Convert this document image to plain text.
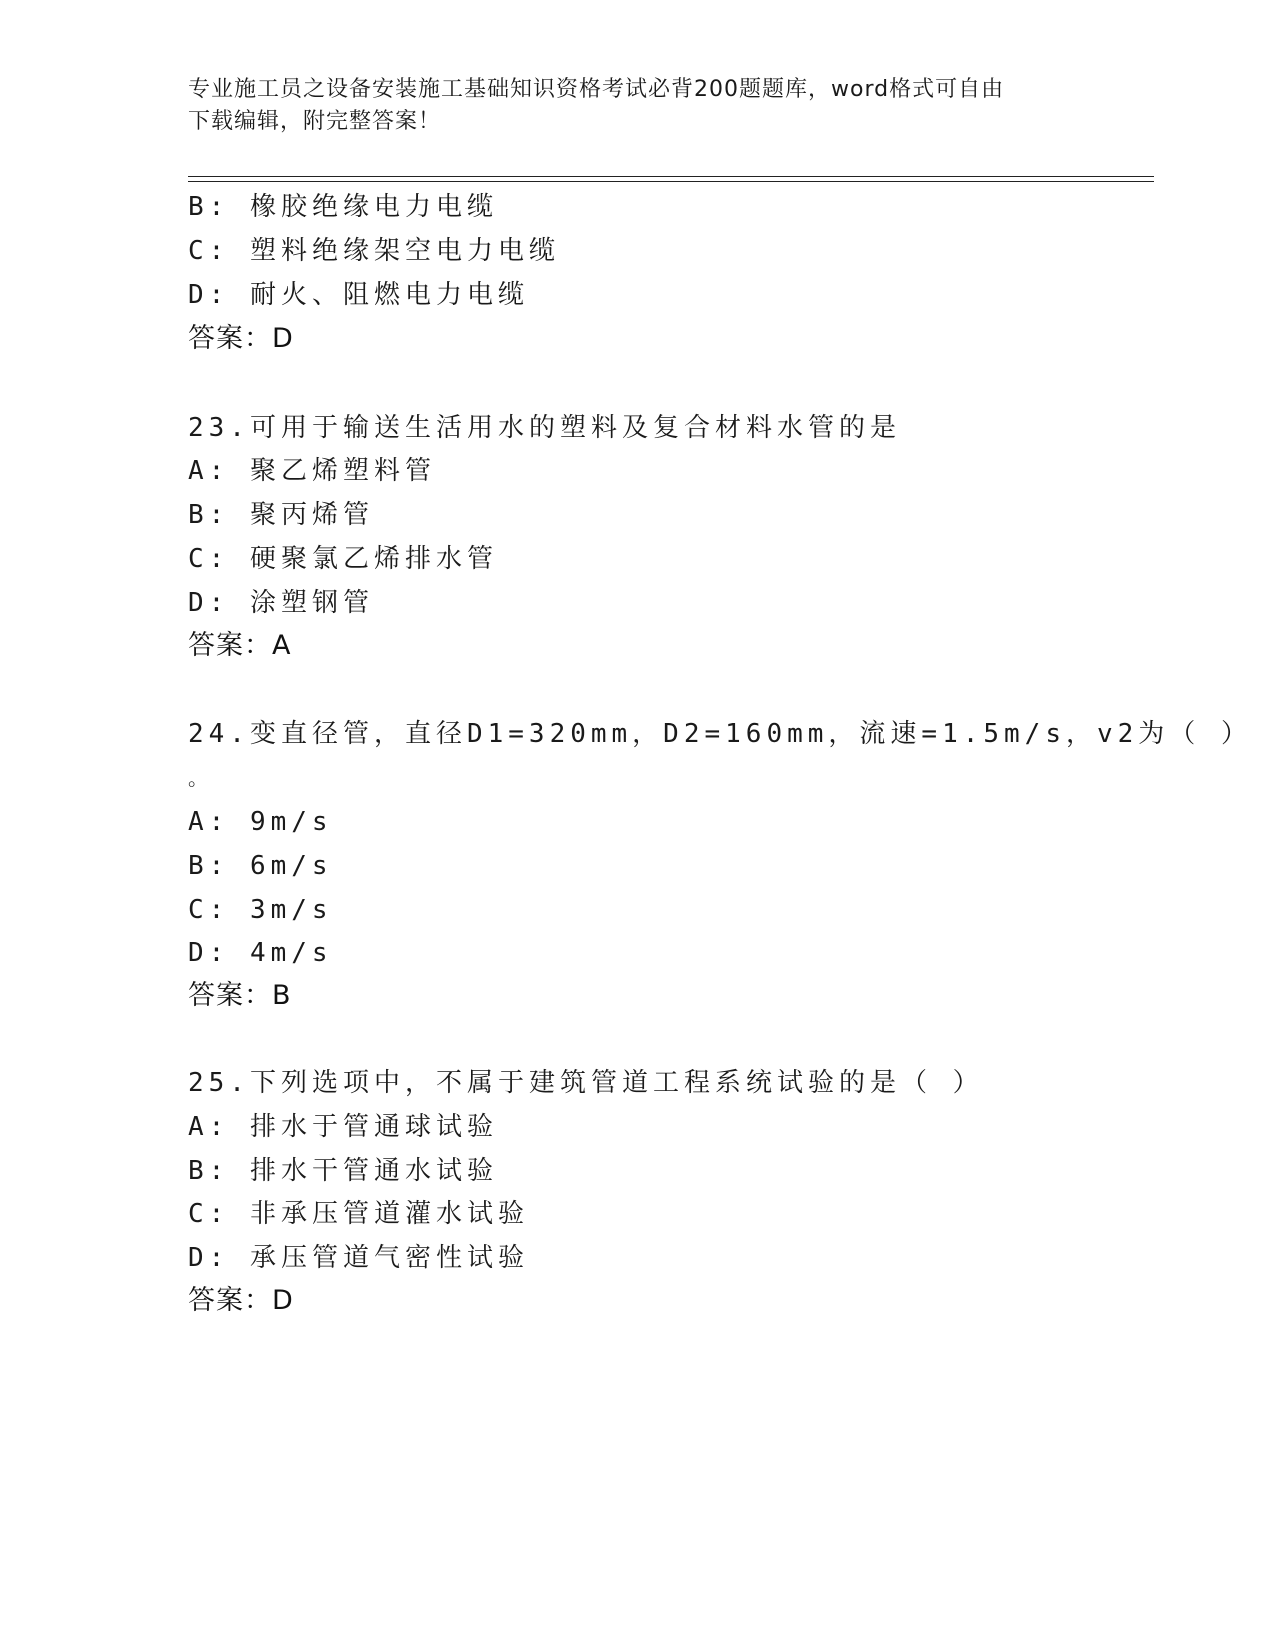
专业施工员之设备安装施工基础知识资格考试必背200题题库，word格式可自由
下载编辑，附完整答案！
B: 橡胶绝缘电力电缆
C: 塑料绝缘架空电力电缆
D: 耐火、阻燃电力电缆
答案：D
23.可用于输送生活用水的塑料及复合材料水管的是
A: 聚乙烯塑料管
B: 聚丙烯管
C: 硬聚氯乙烯排水管
D: 涂塑钢管
答案：A
24.变直径管，直径D1=320mm，D2=160mm，流速=1.5m/s，v2为（ ）
。
A: 9m/s
B: 6m/s
C: 3m/s
D: 4m/s
答案：B
25.下列选项中，不属于建筑管道工程系统试验的是（ ）
A: 排水于管通球试验
B: 排水干管通水试验
C: 非承压管道灌水试验
D: 承压管道气密性试验
答案：D
